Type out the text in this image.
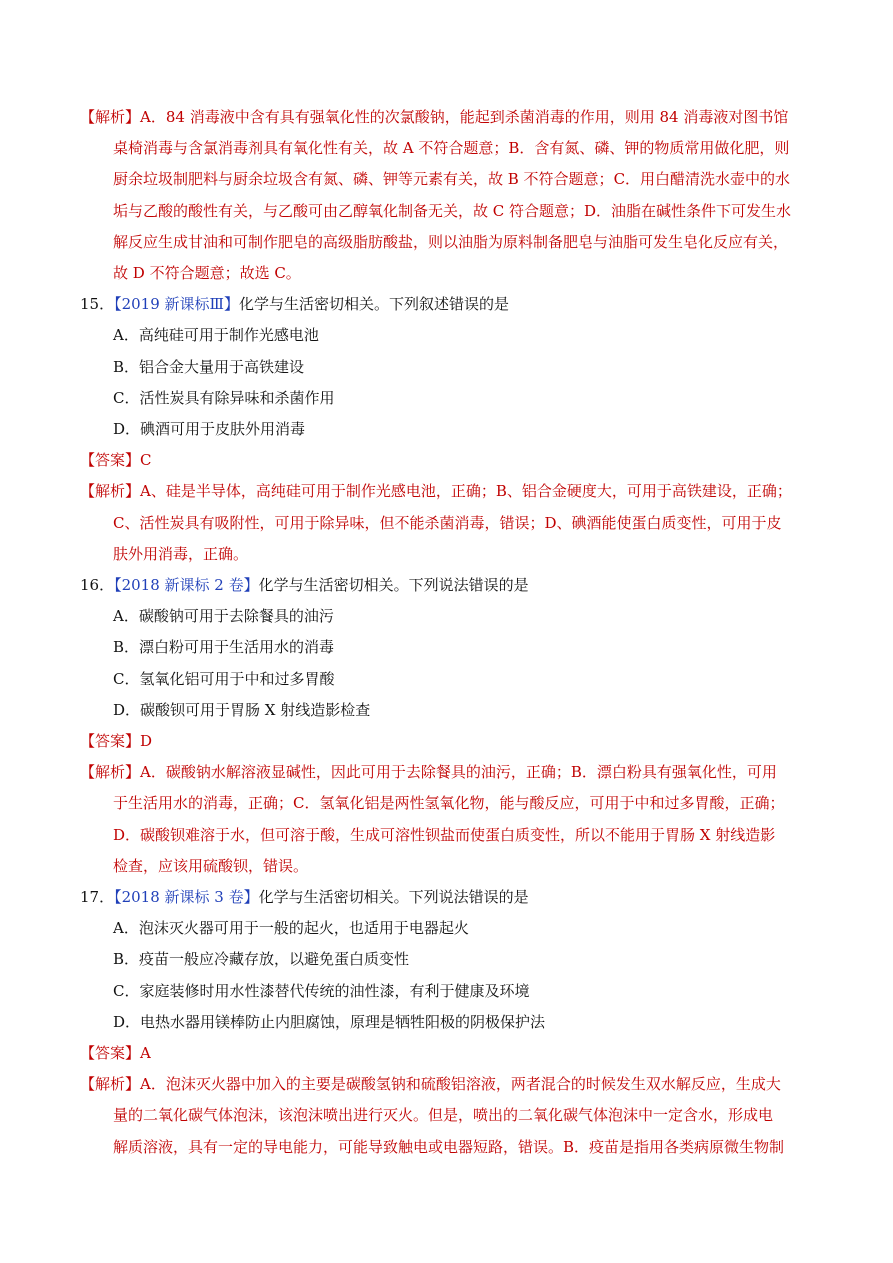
【解析】A．84 消毒液中含有具有强氧化性的次氯酸钠，能起到杀菌消毒的作用，则用 84 消毒液对图书馆
桌椅消毒与含氯消毒剂具有氧化性有关，故 A 不符合题意；B．含有氮、磷、钾的物质常用做化肥，则
厨余垃圾制肥料与厨余垃圾含有氮、磷、钾等元素有关，故 B 不符合题意；C．用白醋清洗水壶中的水
垢与乙酸的酸性有关，与乙酸可由乙醇氧化制备无关，故 C 符合题意；D．油脂在碱性条件下可发生水
解反应生成甘油和可制作肥皂的高级脂肪酸盐，则以油脂为原料制备肥皂与油脂可发生皂化反应有关，
故 D 不符合题意；故选 C。
15．【2019 新课标Ⅲ】化学与生活密切相关。下列叙述错误的是
A．高纯硅可用于制作光感电池
B．铝合金大量用于高铁建设
C．活性炭具有除异味和杀菌作用
D．碘酒可用于皮肤外用消毒
【答案】C
【解析】A、硅是半导体，高纯硅可用于制作光感电池，正确；B、铝合金硬度大，可用于高铁建设，正确；
C、活性炭具有吸附性，可用于除异味，但不能杀菌消毒，错误；D、碘酒能使蛋白质变性，可用于皮
肤外用消毒，正确。
16．【2018 新课标 2 卷】化学与生活密切相关。下列说法错误的是
A．碳酸钠可用于去除餐具的油污
B．漂白粉可用于生活用水的消毒
C．氢氧化铝可用于中和过多胃酸
D．碳酸钡可用于胃肠 X 射线造影检查
【答案】D
【解析】A．碳酸钠水解溶液显碱性，因此可用于去除餐具的油污，正确；B．漂白粉具有强氧化性，可用
于生活用水的消毒，正确；C．氢氧化铝是两性氢氧化物，能与酸反应，可用于中和过多胃酸，正确；
D．碳酸钡难溶于水，但可溶于酸，生成可溶性钡盐而使蛋白质变性，所以不能用于胃肠 X 射线造影
检查，应该用硫酸钡，错误。
17．【2018 新课标 3 卷】化学与生活密切相关。下列说法错误的是
A．泡沫灭火器可用于一般的起火，也适用于电器起火
B．疫苗一般应冷藏存放，以避免蛋白质变性
C．家庭装修时用水性漆替代传统的油性漆，有利于健康及环境
D．电热水器用镁棒防止内胆腐蚀，原理是牺牲阳极的阴极保护法
【答案】A
【解析】A．泡沫灭火器中加入的主要是碳酸氢钠和硫酸铝溶液，两者混合的时候发生双水解反应，生成大
量的二氧化碳气体泡沫，该泡沫喷出进行灭火。但是，喷出的二氧化碳气体泡沫中一定含水，形成电
解质溶液，具有一定的导电能力，可能导致触电或电器短路，错误。B．疫苗是指用各类病原微生物制
